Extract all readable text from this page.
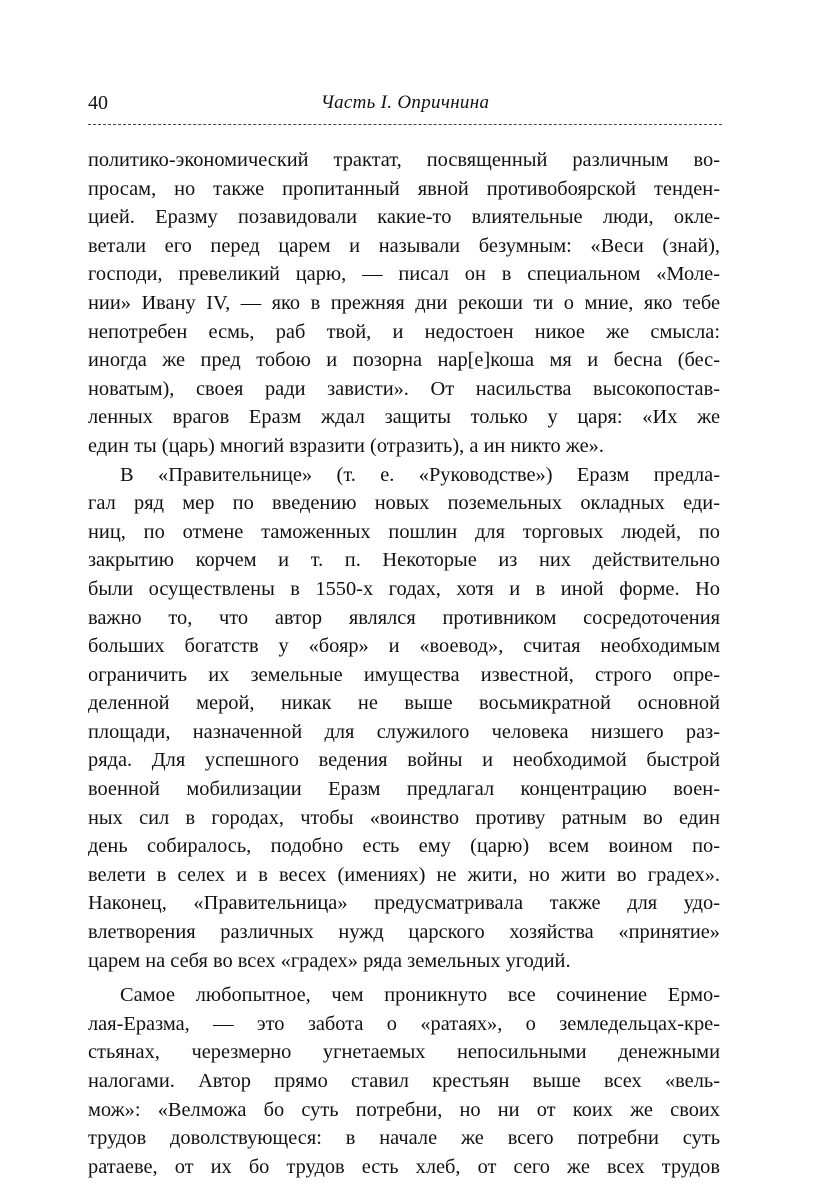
40	Часть I. Опричнина
политико-экономический трактат, посвященный различным во-
просам, но также пропитанный явной противобоярской тенден-
цией. Еразму позавидовали какие-то влиятельные люди, окле-
ветали его перед царем и называли безумным: «Веси (знай),
господи, превеликий царю, — писал он в специальном «Моле-
нии» Ивану IV, — яко в прежняя дни рекоши ти о мние, яко тебе
непотребен есмь, раб твой, и недостоен никое же смысла:
иногда же пред тобою и позорна нар[е]коша мя и бесна (бес-
новатым), своея ради зависти». От насильства высокопостав-
ленных врагов Еразм ждал защиты только у царя: «Их же
един ты (царь) многий взразити (отразить), а ин никто же».
В «Правительнице» (т. е. «Руководстве») Еразм предла-
гал ряд мер по введению новых поземельных окладных еди-
ниц, по отмене таможенных пошлин для торговых людей, по
закрытию корчем и т. п. Некоторые из них действительно
были осуществлены в 1550-х годах, хотя и в иной форме. Но
важно то, что автор являлся противником сосредоточения
больших богатств у «бояр» и «воевод», считая необходимым
ограничить их земельные имущества известной, строго опре-
деленной мерой, никак не выше восьмикратной основной
площади, назначенной для служилого человека низшего раз-
ряда. Для успешного ведения войны и необходимой быстрой
военной мобилизации Еразм предлагал концентрацию воен-
ных сил в городах, чтобы «воинство противу ратным во един
день собиралось, подобно есть ему (царю) всем воином по-
велети в селех и в весех (имениях) не жити, но жити во градех».
Наконец, «Правительница» предусматривала также для удо-
влетворения различных нужд царского хозяйства «принятие»
царем на себя во всех «градех» ряда земельных угодий.
Самое любопытное, чем проникнуто все сочинение Ермо-
лая-Еразма, — это забота о «ратаях», о земледельцах-кре-
стьянах, черезмерно угнетаемых непосильными денежными
налогами. Автор прямо ставил крестьян выше всех «вель-
мож»: «Велможа бо суть потребни, но ни от коих же своих
трудов доволствующеся: в начале же всего потребни суть
ратаеве, от их бо трудов есть хлеб, от сего же всех трудов
